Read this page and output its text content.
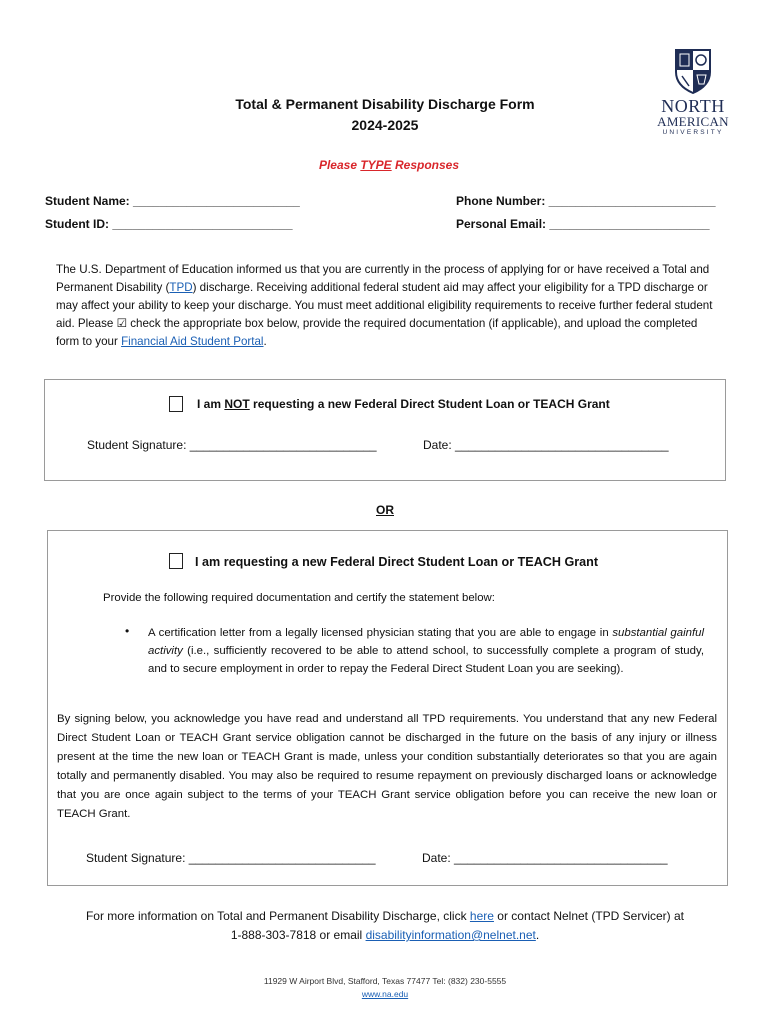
NORTH
AMERICAN
UNIVERSITY
Total & Permanent Disability Discharge Form
2024-2025
Please TYPE Responses
Student Name: _________________________	Phone Number: _________________________
Student ID: ___________________________	Personal Email: ________________________
The U.S. Department of Education informed us that you are currently in the process of applying for or have received a Total and Permanent Disability (TPD) discharge. Receiving additional federal student aid may affect your eligibility for a TPD discharge or may affect your ability to keep your discharge. You must meet additional eligibility requirements to receive further federal student aid. Please ☑ check the appropriate box below, provide the required documentation (if applicable), and upload the completed form to your Financial Aid Student Portal.
I am NOT requesting a new Federal Direct Student Loan or TEACH Grant
Student Signature: ____________________________	Date: ________________________________
OR
I am requesting a new Federal Direct Student Loan or TEACH Grant
Provide the following required documentation and certify the statement below:
• A certification letter from a legally licensed physician stating that you are able to engage in substantial gainful activity (i.e., sufficiently recovered to be able to attend school, to successfully complete a program of study, and to secure employment in order to repay the Federal Direct Student Loan you are seeking).
By signing below, you acknowledge you have read and understand all TPD requirements. You understand that any new Federal Direct Student Loan or TEACH Grant service obligation cannot be discharged in the future on the basis of any injury or illness present at the time the new loan or TEACH Grant is made, unless your condition substantially deteriorates so that you are again totally and permanently disabled. You may also be required to resume repayment on previously discharged loans or acknowledge that you are once again subject to the terms of your TEACH Grant service obligation before you can receive the new loan or TEACH Grant.
Student Signature: ____________________________	Date: ________________________________
For more information on Total and Permanent Disability Discharge, click here or contact Nelnet (TPD Servicer) at
1-888-303-7818 or email disabilityinformation@nelnet.net.
11929 W Airport Blvd, Stafford, Texas 77477 Tel: (832) 230-5555
www.na.edu
